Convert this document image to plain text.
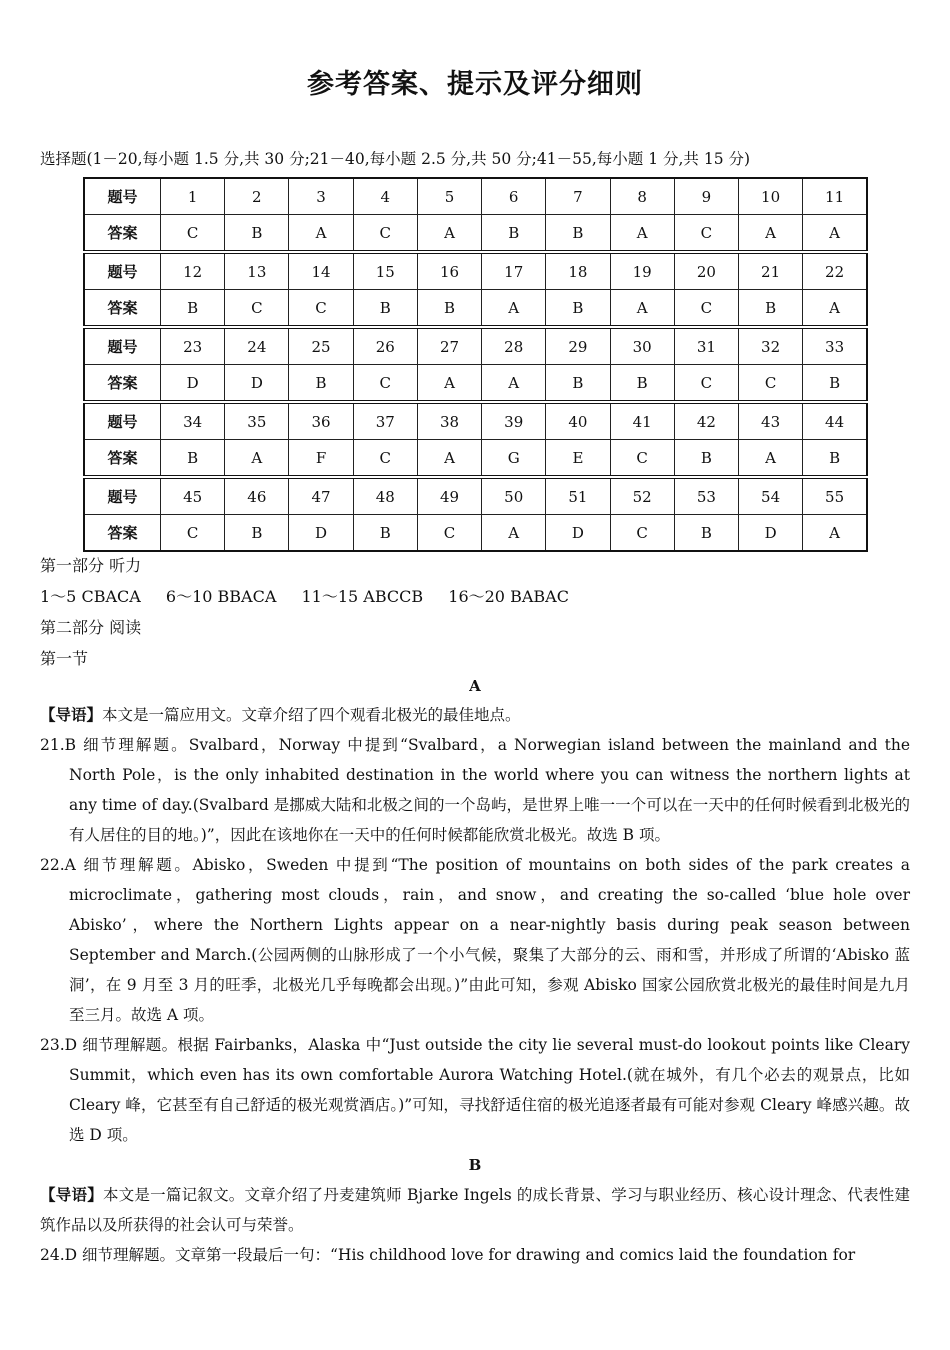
参考答案、提示及评分细则
选择题(1－20,每小题 1.5 分,共 30 分;21－40,每小题 2.5 分,共 50 分;41－55,每小题 1 分,共 15 分)
题号	1	2	3	4	5	6	7	8	9	10	11
答案	C	B	A	C	A	B	B	A	C	A	A
题号	12	13	14	15	16	17	18	19	20	21	22
答案	B	C	C	B	B	A	B	A	C	B	A
题号	23	24	25	26	27	28	29	30	31	32	33
答案	D	D	B	C	A	A	B	B	C	C	B
题号	34	35	36	37	38	39	40	41	42	43	44
答案	B	A	F	C	A	G	E	C	B	A	B
题号	45	46	47	48	49	50	51	52	53	54	55
答案	C	B	D	B	C	A	D	C	B	D	A
第一部分 听力
1～5 CBACA 6～10 BBACA 11～15 ABCCB 16～20 BABAC
第二部分 阅读
第一节
A
【导语】本文是一篇应用文。文章介绍了四个观看北极光的最佳地点。
21.B 细节理解题。Svalbard，Norway 中提到“Svalbard，a Norwegian island between the mainland and the North Pole，is the only inhabited destination in the world where you can witness the northern lights at any time of day.(Svalbard 是挪威大陆和北极之间的一个岛屿，是世界上唯一一个可以在一天中的任何时候看到北极光的有人居住的目的地。)”，因此在该地你在一天中的任何时候都能欣赏北极光。故选 B 项。
22.A 细节理解题。Abisko，Sweden 中提到“The position of mountains on both sides of the park creates a microclimate，gathering most clouds，rain，and snow，and creating the so-called ‘blue hole over Abisko’，where the Northern Lights appear on a near-nightly basis during peak season between September and March.(公园两侧的山脉形成了一个小气候，聚集了大部分的云、雨和雪，并形成了所谓的‘Abisko 蓝洞’，在 9 月至 3 月的旺季，北极光几乎每晚都会出现。)”由此可知，参观 Abisko 国家公园欣赏北极光的最佳时间是九月至三月。故选 A 项。
23.D 细节理解题。根据 Fairbanks，Alaska 中“Just outside the city lie several must-do lookout points like Cleary Summit，which even has its own comfortable Aurora Watching Hotel.(就在城外，有几个必去的观景点，比如 Cleary 峰，它甚至有自己舒适的极光观赏酒店。)”可知，寻找舒适住宿的极光追逐者最有可能对参观 Cleary 峰感兴趣。故选 D 项。
B
【导语】本文是一篇记叙文。文章介绍了丹麦建筑师 Bjarke Ingels 的成长背景、学习与职业经历、核心设计理念、代表性建筑作品以及所获得的社会认可与荣誉。
24.D 细节理解题。文章第一段最后一句：“His childhood love for drawing and comics laid the foundation for
